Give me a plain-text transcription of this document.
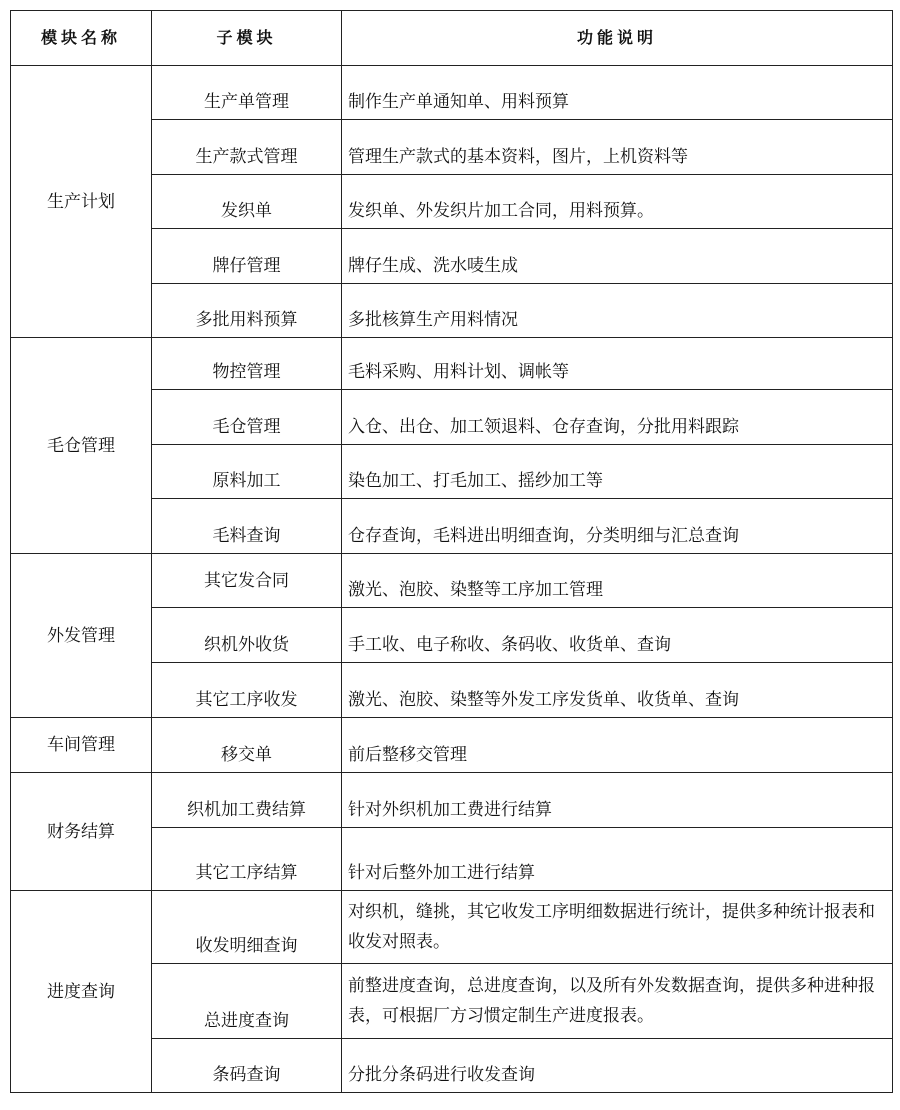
模块名称	子模块	功能说明
生产计划	生产单管理	制作生产单通知单、用料预算
	生产款式管理	管理生产款式的基本资料，图片，上机资料等
	发织单	发织单、外发织片加工合同，用料预算。
	牌仔管理	牌仔生成、洗水唛生成
	多批用料预算	多批核算生产用料情况
毛仓管理	物控管理	毛料采购、用料计划、调帐等
	毛仓管理	入仓、出仓、加工领退料、仓存查询，分批用料跟踪
	原料加工	染色加工、打毛加工、摇纱加工等
	毛料查询	仓存查询，毛料进出明细查询，分类明细与汇总查询
外发管理	其它发合同	激光、泡胶、染整等工序加工管理
	织机外收货	手工收、电子称收、条码收、收货单、查询
	其它工序收发	激光、泡胶、染整等外发工序发货单、收货单、查询
车间管理	移交单	前后整移交管理
财务结算	织机加工费结算	针对外织机加工费进行结算
	其它工序结算	针对后整外加工进行结算
进度查询	收发明细查询	对织机，缝挑，其它收发工序明细数据进行统计，提供多种统计报表和收发对照表。
	总进度查询	前整进度查询，总进度查询，以及所有外发数据查询，提供多种进种报表，可根据厂方习惯定制生产进度报表。
	条码查询	分批分条码进行收发查询
